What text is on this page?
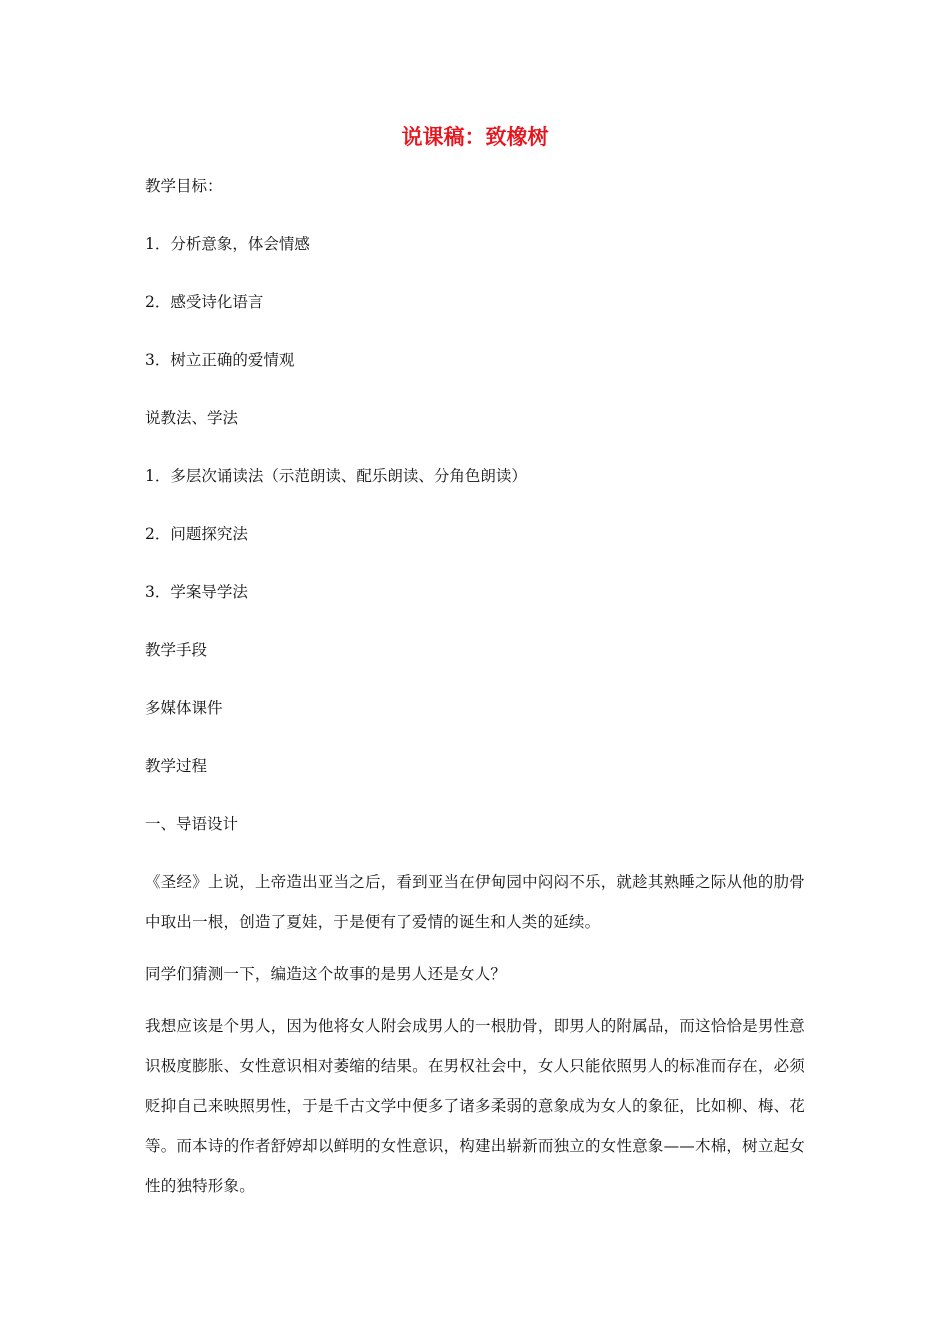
说课稿：致橡树

教学目标：

1．分析意象，体会情感

2．感受诗化语言

3．树立正确的爱情观

说教法、学法

1．多层次诵读法（示范朗读、配乐朗读、分角色朗读）

2．问题探究法

3．学案导学法

教学手段

多媒体课件

教学过程

一、导语设计

《圣经》上说，上帝造出亚当之后，看到亚当在伊甸园中闷闷不乐，就趁其熟睡之际从他的肋骨中取出一根，创造了夏娃，于是便有了爱情的诞生和人类的延续。

同学们猜测一下，编造这个故事的是男人还是女人？

我想应该是个男人，因为他将女人附会成男人的一根肋骨，即男人的附属品，而这恰恰是男性意识极度膨胀、女性意识相对萎缩的结果。在男权社会中，女人只能依照男人的标准而存在，必须贬抑自己来映照男性，于是千古文学中便多了诸多柔弱的意象成为女人的象征，比如柳、梅、花等。而本诗的作者舒婷却以鲜明的女性意识，构建出崭新而独立的女性意象——木棉，树立起女性的独特形象。
